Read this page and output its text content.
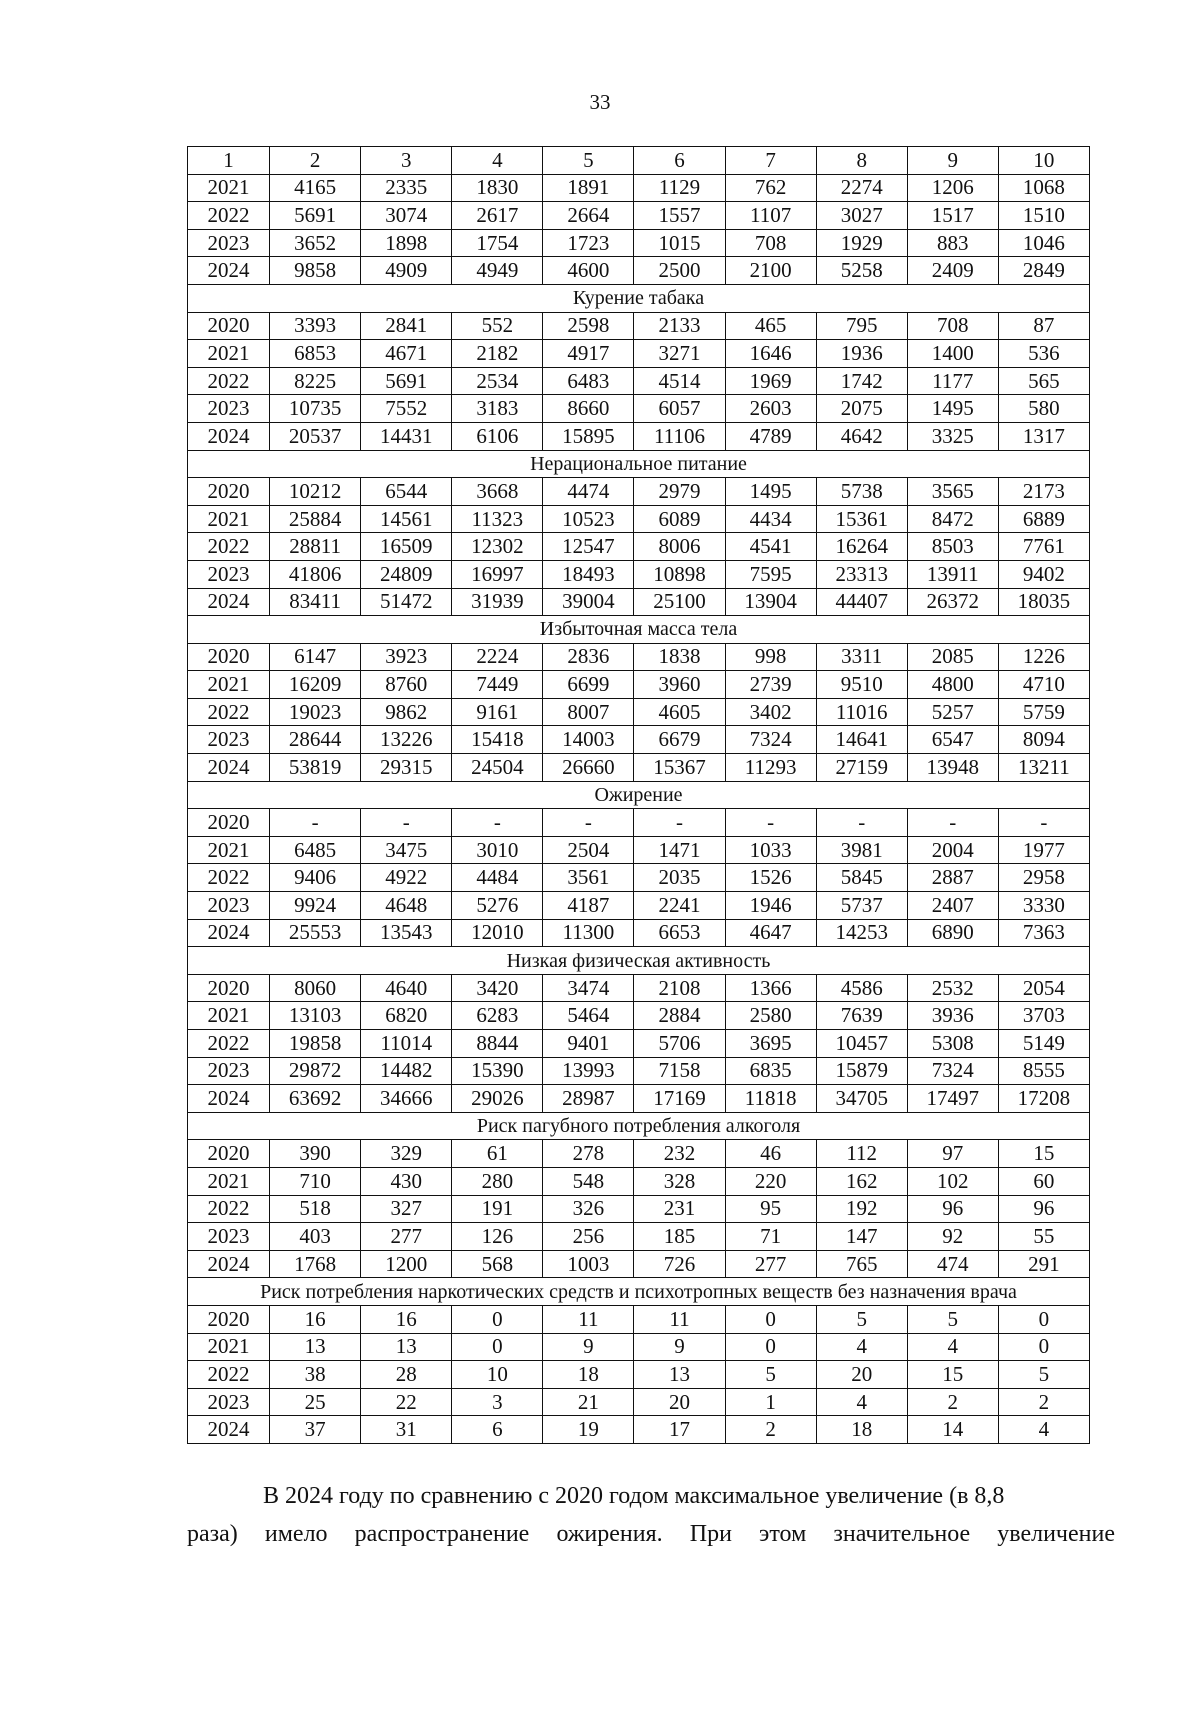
33
1	2	3	4	5	6	7	8	9	10
2021	4165	2335	1830	1891	1129	762	2274	1206	1068
2022	5691	3074	2617	2664	1557	1107	3027	1517	1510
2023	3652	1898	1754	1723	1015	708	1929	883	1046
2024	9858	4909	4949	4600	2500	2100	5258	2409	2849
Курение табака									
2020	3393	2841	552	2598	2133	465	795	708	87
2021	6853	4671	2182	4917	3271	1646	1936	1400	536
2022	8225	5691	2534	6483	4514	1969	1742	1177	565
2023	10735	7552	3183	8660	6057	2603	2075	1495	580
2024	20537	14431	6106	15895	11106	4789	4642	3325	1317
Нерациональное питание									
2020	10212	6544	3668	4474	2979	1495	5738	3565	2173
2021	25884	14561	11323	10523	6089	4434	15361	8472	6889
2022	28811	16509	12302	12547	8006	4541	16264	8503	7761
2023	41806	24809	16997	18493	10898	7595	23313	13911	9402
2024	83411	51472	31939	39004	25100	13904	44407	26372	18035
Избыточная масса тела									
2020	6147	3923	2224	2836	1838	998	3311	2085	1226
2021	16209	8760	7449	6699	3960	2739	9510	4800	4710
2022	19023	9862	9161	8007	4605	3402	11016	5257	5759
2023	28644	13226	15418	14003	6679	7324	14641	6547	8094
2024	53819	29315	24504	26660	15367	11293	27159	13948	13211
Ожирение									
2020	-	-	-	-	-	-	-	-	-
2021	6485	3475	3010	2504	1471	1033	3981	2004	1977
2022	9406	4922	4484	3561	2035	1526	5845	2887	2958
2023	9924	4648	5276	4187	2241	1946	5737	2407	3330
2024	25553	13543	12010	11300	6653	4647	14253	6890	7363
Низкая физическая активность									
2020	8060	4640	3420	3474	2108	1366	4586	2532	2054
2021	13103	6820	6283	5464	2884	2580	7639	3936	3703
2022	19858	11014	8844	9401	5706	3695	10457	5308	5149
2023	29872	14482	15390	13993	7158	6835	15879	7324	8555
2024	63692	34666	29026	28987	17169	11818	34705	17497	17208
Риск пагубного потребления алкоголя									
2020	390	329	61	278	232	46	112	97	15
2021	710	430	280	548	328	220	162	102	60
2022	518	327	191	326	231	95	192	96	96
2023	403	277	126	256	185	71	147	92	55
2024	1768	1200	568	1003	726	277	765	474	291
Риск потребления наркотических средств и психотропных веществ без назначения врача									
2020	16	16	0	11	11	0	5	5	0
2021	13	13	0	9	9	0	4	4	0
2022	38	28	10	18	13	5	20	15	5
2023	25	22	3	21	20	1	4	2	2
2024	37	31	6	19	17	2	18	14	4

В 2024 году по сравнению с 2020 годом максимальное увеличение (в 8,8

раза) имело распространение ожирения. При этом значительное увеличение
